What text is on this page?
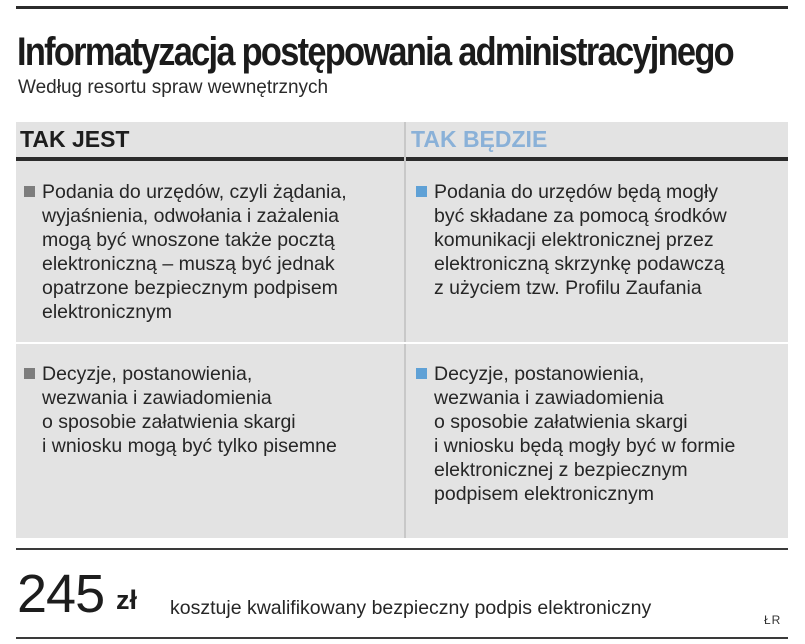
Informatyzacja postępowania administracyjnego
Według resortu spraw wewnętrznych
TAK JEST	TAK BĘDZIE
Podania do urzędów, czyli żądania,
wyjaśnienia, odwołania i zażalenia
mogą być wnoszone także pocztą
elektroniczną – muszą być jednak
opatrzone bezpiecznym podpisem
elektronicznym
Podania do urzędów będą mogły
być składane za pomocą środków
komunikacji elektronicznej przez
elektroniczną skrzynkę podawczą
z użyciem tzw. Profilu Zaufania
Decyzje, postanowienia,
wezwania i zawiadomienia
o sposobie załatwienia skargi
i wniosku mogą być tylko pisemne
Decyzje, postanowienia,
wezwania i zawiadomienia
o sposobie załatwienia skargi
i wniosku będą mogły być w formie
elektronicznej z bezpiecznym
podpisem elektronicznym
245 zł kosztuje kwalifikowany bezpieczny podpis elektroniczny
ŁR
